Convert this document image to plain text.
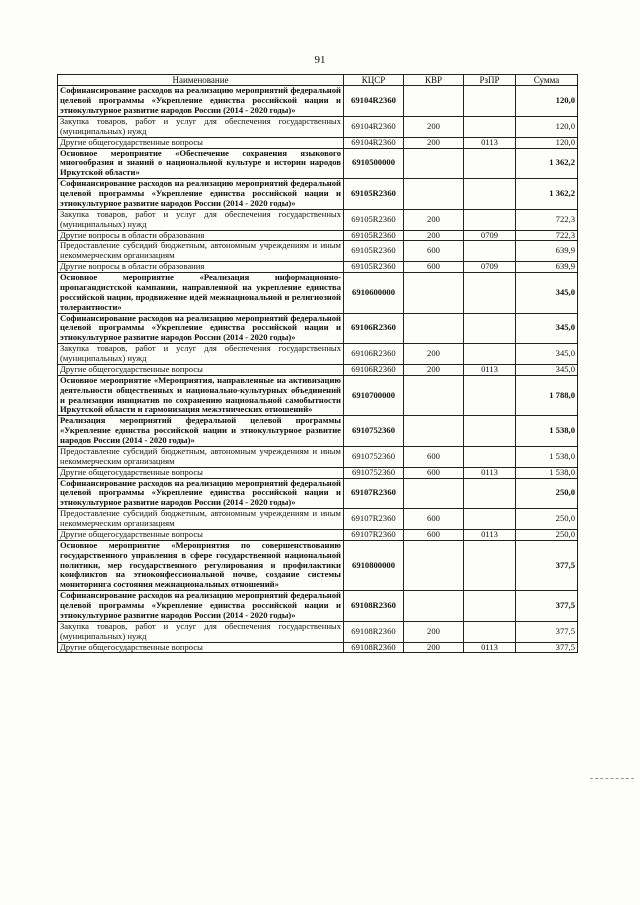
91
Наименование	КЦСР	КВР	РзПР	Сумма
Софинансирование расходов на реализацию мероприятий федеральной целевой программы «Укрепление единства российской нации и этнокультурное развитие народов России (2014 - 2020 годы)»	69104R2360			120,0
Закупка товаров, работ и услуг для обеспечения государственных (муниципальных) нужд	69104R2360	200		120,0
Другие общегосударственные вопросы	69104R2360	200	0113	120,0
Основное мероприятие «Обеспечение сохранения языкового многообразия и знаний о национальной культуре и истории народов Иркутской области»	6910500000			1 362,2
Софинансирование расходов на реализацию мероприятий федеральной целевой программы «Укрепление единства российской нации и этнокультурное развитие народов России (2014 - 2020 годы)»	69105R2360			1 362,2
Закупка товаров, работ и услуг для обеспечения государственных (муниципальных) нужд	69105R2360	200		722,3
Другие вопросы в области образования	69105R2360	200	0709	722,3
Предоставление субсидий бюджетным, автономным учреждениям и иным некоммерческим организациям	69105R2360	600		639,9
Другие вопросы в области образования	69105R2360	600	0709	639,9
Основное мероприятие «Реализация информационно-пропагандистской кампании, направленной на укрепление единства российской нации, продвижение идей межнациональной и религиозной толерантности»	6910600000			345,0
Софинансирование расходов на реализацию мероприятий федеральной целевой программы «Укрепление единства российской нации и этнокультурное развитие народов России (2014 - 2020 годы)»	69106R2360			345,0
Закупка товаров, работ и услуг для обеспечения государственных (муниципальных) нужд	69106R2360	200		345,0
Другие общегосударственные вопросы	69106R2360	200	0113	345,0
Основное мероприятие «Мероприятия, направленные на активизацию деятельности общественных и национально-культурных объединений и реализации инициатив по сохранению национальной самобытности Иркутской области и гармонизация межэтнических отношений»	6910700000			1 788,0
Реализация мероприятий федеральной целевой программы «Укрепление единства российской нации и этнокультурное развитие народов России (2014 - 2020 годы)»	6910752360			1 538,0
Предоставление субсидий бюджетным, автономным учреждениям и иным некоммерческим организациям	6910752360	600		1 538,0
Другие общегосударственные вопросы	6910752360	600	0113	1 538,0
Софинансирование расходов на реализацию мероприятий федеральной целевой программы «Укрепление единства российской нации и этнокультурное развитие народов России (2014 - 2020 годы)»	69107R2360			250,0
Предоставление субсидий бюджетным, автономным учреждениям и иным некоммерческим организациям	69107R2360	600		250,0
Другие общегосударственные вопросы	69107R2360	600	0113	250,0
Основное мероприятие «Мероприятия по совершенствованию государственного управления в сфере государственной национальной политики, мер государственного регулирования и профилактики конфликтов на этноконфессиональной почве, создание системы мониторинга состояния межнациональных отношений»	6910800000			377,5
Софинансирование расходов на реализацию мероприятий федеральной целевой программы «Укрепление единства российской нации и этнокультурное развитие народов России (2014 - 2020 годы)»	69108R2360			377,5
Закупка товаров, работ и услуг для обеспечения государственных (муниципальных) нужд	69108R2360	200		377,5
Другие общегосударственные вопросы	69108R2360	200	0113	377,5
